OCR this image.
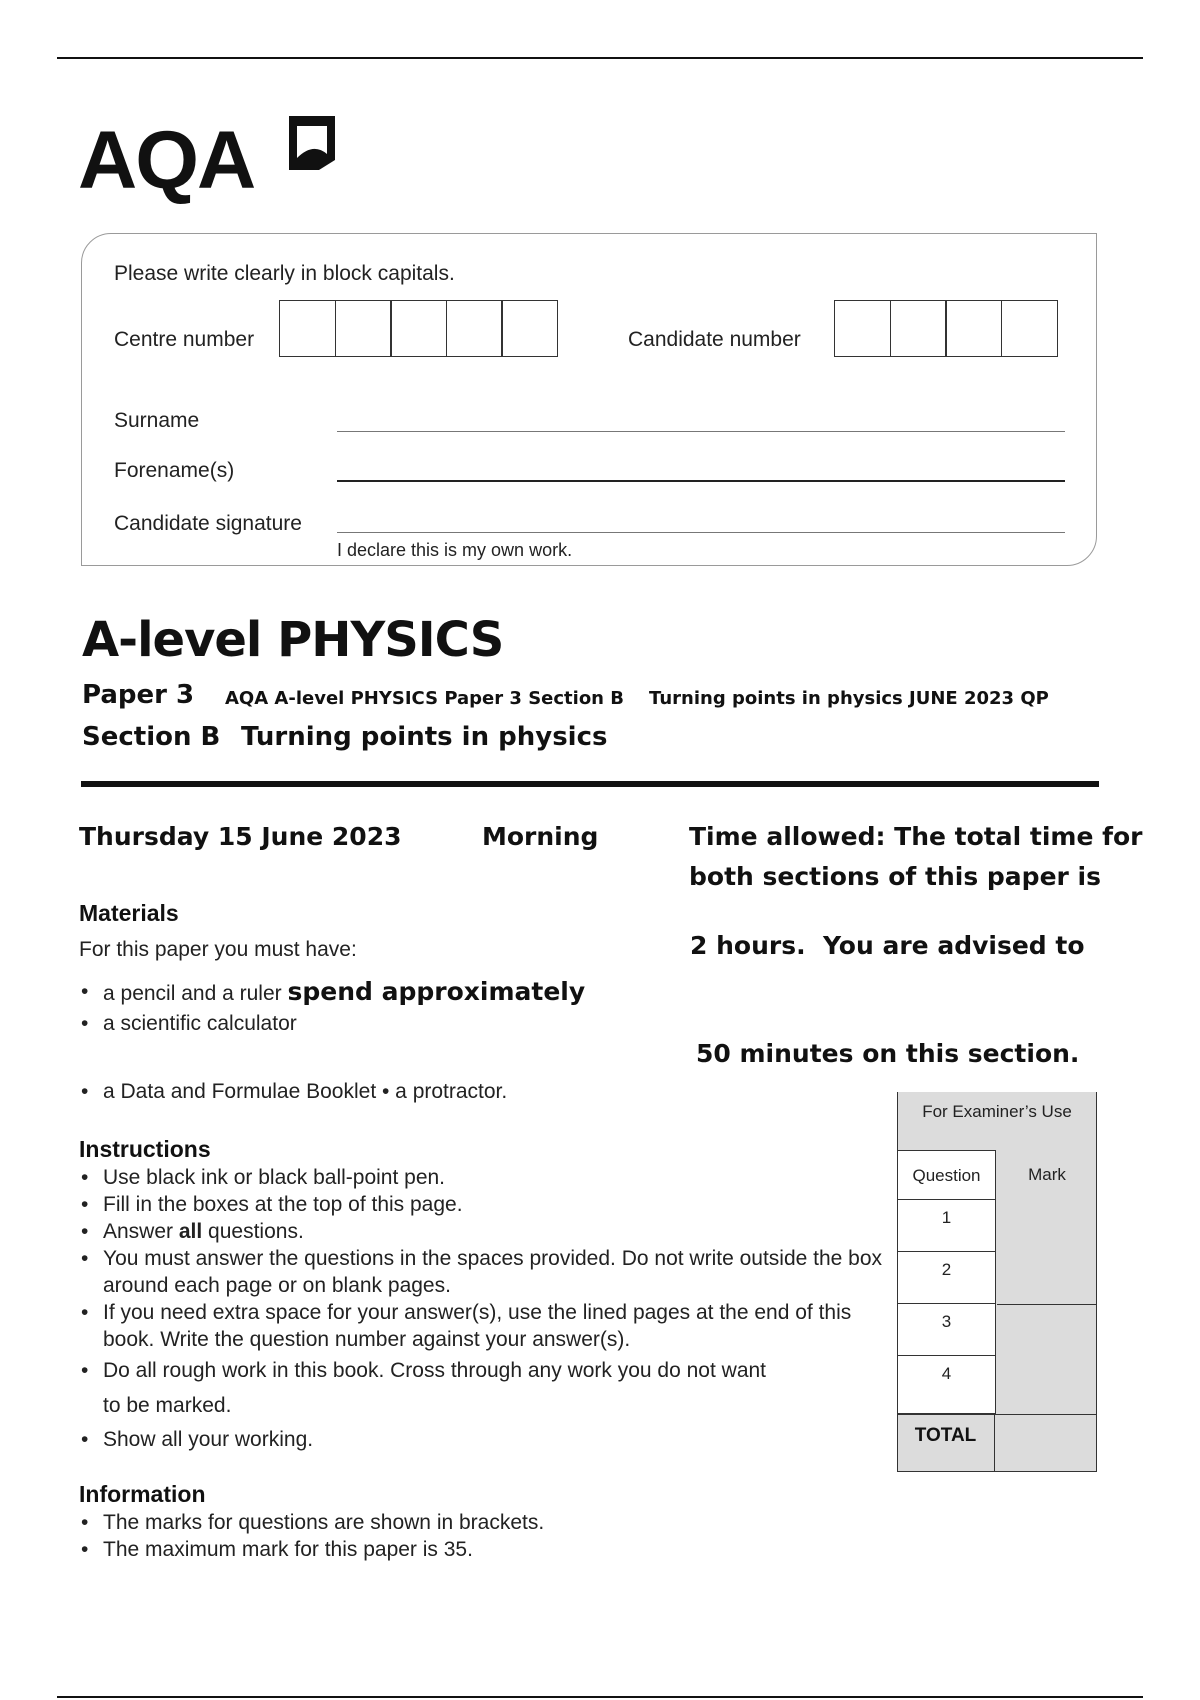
AQA
Please write clearly in block capitals.
Centre number	Candidate number
Surname
Forename(s)
Candidate signature
I declare this is my own work.
A-level PHYSICS
Paper 3 AQA A-level PHYSICS Paper 3 Section B    Turning points in physics JUNE 2023 QP
Section B Turning points in physics
Thursday 15 June 2023	Morning	Time allowed: The total time for
both sections of this paper is
2 hours.  You are advised to
50 minutes on this section.
Materials
For this paper you must have:
• a pencil and a ruler spend approximately
• a scientific calculator
• a Data and Formulae Booklet • a protractor.
Instructions
• Use black ink or black ball-point pen.
• Fill in the boxes at the top of this page.
• Answer all questions.
• You must answer the questions in the spaces provided. Do not write outside the box around each page or on blank pages.
• If you need extra space for your answer(s), use the lined pages at the end of this book. Write the question number against your answer(s).
• Do all rough work in this book. Cross through any work you do not want
to be marked.
• Show all your working.
Information
• The marks for questions are shown in brackets.
• The maximum mark for this paper is 35.
For Examiner’s Use
Question	Mark
1
2
3
4
TOTAL
